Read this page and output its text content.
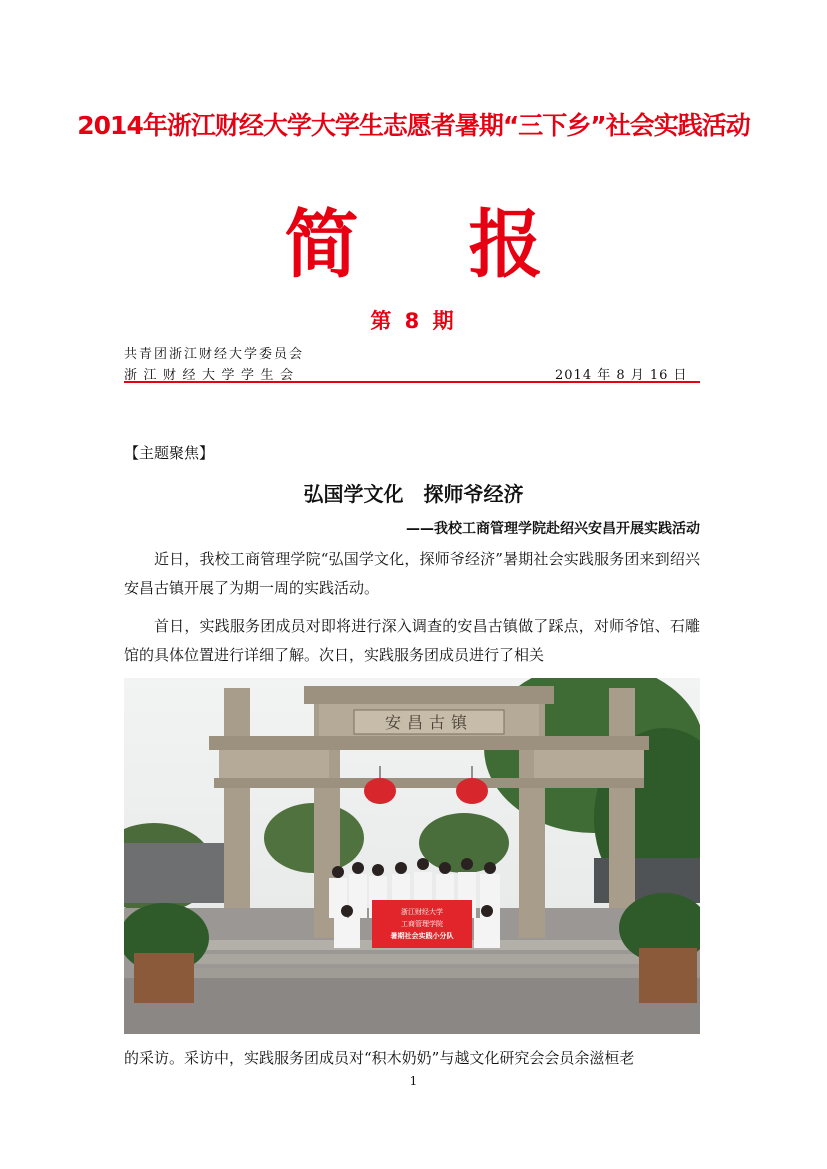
2014年浙江财经大学大学生志愿者暑期“三下乡”社会实践活动
简报
第 8 期
共青团浙江财经大学委员会
浙江财经大学学生会	2014 年 8 月 16 日
【主题聚焦】
弘国学文化　探师爷经济
——我校工商管理学院赴绍兴安昌开展实践活动
近日，我校工商管理学院“弘国学文化，探师爷经济”暑期社会实践服务团来到绍兴安昌古镇开展了为期一周的实践活动。
首日，实践服务团成员对即将进行深入调查的安昌古镇做了踩点，对师爷馆、石雕馆的具体位置进行详细了解。次日，实践服务团成员进行了相关
安昌古镇
浙江财经大学
工商管理学院
暑期社会实践小分队
的采访。采访中，实践服务团成员对“积木奶奶”与越文化研究会会员余滋桓老
1
